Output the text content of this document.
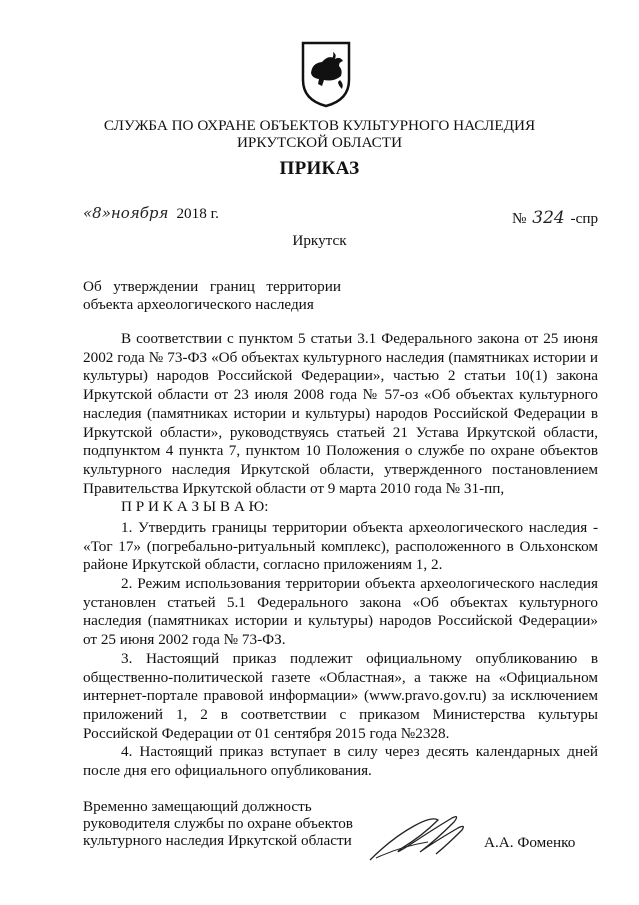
СЛУЖБА ПО ОХРАНЕ ОБЪЕКТОВ КУЛЬТУРНОГО НАСЛЕДИЯ
ИРКУТСКОЙ ОБЛАСТИ
ПРИКАЗ
«8»ноября 2018 г.	№ 324 -спр
Иркутск
Об утверждении границ территории
объекта археологического наследия
В соответствии с пунктом 5 статьи 3.1 Федерального закона от 25 июня 2002 года № 73-ФЗ «Об объектах культурного наследия (памятниках истории и культуры) народов Российской Федерации», частью 2 статьи 10(1) закона Иркутской области от 23 июля 2008 года № 57-оз «Об объектах культурного наследия (памятниках истории и культуры) народов Российской Федерации в Иркутской области», руководствуясь статьей 21 Устава Иркутской области, подпунктом 4 пункта 7, пунктом 10 Положения о службе по охране объектов культурного наследия Иркутской области, утвержденного постановлением Правительства Иркутской области от 9 марта 2010 года № 31-пп,
П Р И К А З Ы В А Ю:
1. Утвердить границы территории объекта археологического наследия - «Тог 17» (погребально-ритуальный комплекс), расположенного в Ольхонском районе Иркутской области, согласно приложениям 1, 2.
2. Режим использования территории объекта археологического наследия установлен статьей 5.1 Федерального закона «Об объектах культурного наследия (памятниках истории и культуры) народов Российской Федерации» от 25 июня 2002 года № 73-ФЗ.
3. Настоящий приказ подлежит официальному опубликованию в общественно-политической газете «Областная», а также на «Официальном интернет-портале правовой информации» (www.pravo.gov.ru) за исключением приложений 1, 2 в соответствии с приказом Министерства культуры Российской Федерации от 01 сентября 2015 года №2328.
4. Настоящий приказ вступает в силу через десять календарных дней после дня его официального опубликования.
Временно замещающий должность
руководителя службы по охране объектов
культурного наследия Иркутской области	А.А. Фоменко
